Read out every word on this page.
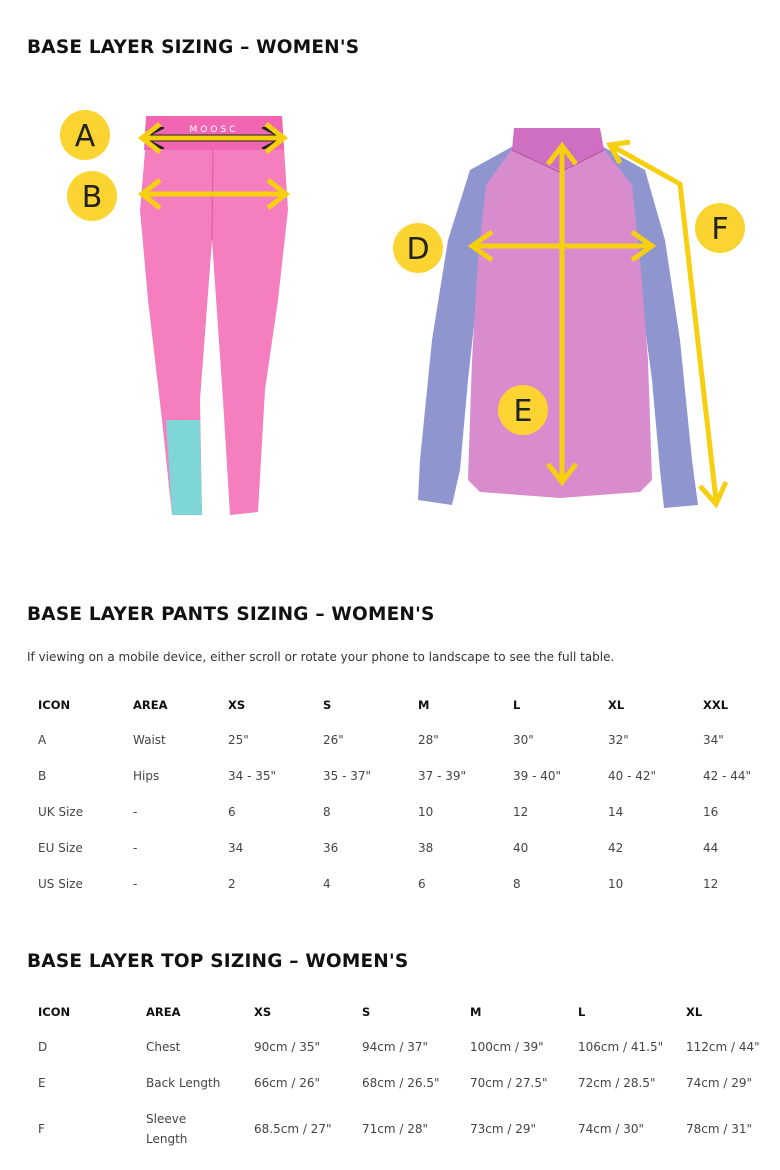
BASE LAYER SIZING – WOMEN'S
MOOSC
A
B
D
E
F
BASE LAYER PANTS SIZING – WOMEN'S
If viewing on a mobile device, either scroll or rotate your phone to landscape to see the full table.
ICON	AREA	XS	S	M	L	XL	XXL
A	Waist	25"	26"	28"	30"	32"	34"
B	Hips	34 - 35"	35 - 37"	37 - 39"	39 - 40"	40 - 42"	42 - 44"
UK Size	-	6	8	10	12	14	16
EU Size	-	34	36	38	40	42	44
US Size	-	2	4	6	8	10	12
BASE LAYER TOP SIZING – WOMEN'S
ICON	AREA	XS	S	M	L	XL
D	Chest	90cm / 35"	94cm / 37"	100cm / 39"	106cm / 41.5"	112cm / 44"
E	Back Length	66cm / 26"	68cm / 26.5"	70cm / 27.5"	72cm / 28.5"	74cm / 29"
F	Sleeve Length	68.5cm / 27"	71cm / 28"	73cm / 29"	74cm / 30"	78cm / 31"
